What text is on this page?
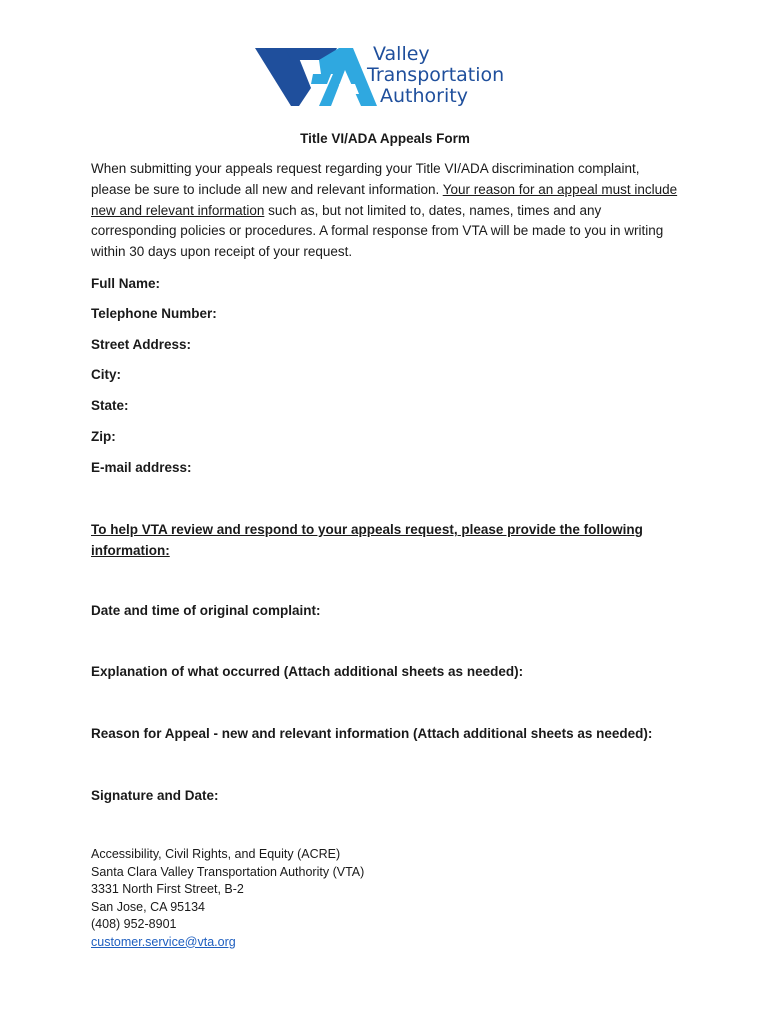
Valley
Transportation
Authority
Title VI/ADA Appeals Form
When submitting your appeals request regarding your Title VI/ADA discrimination complaint, please be sure to include all new and relevant information. Your reason for an appeal must include new and relevant information such as, but not limited to, dates, names, times and any corresponding policies or procedures. A formal response from VTA will be made to you in writing within 30 days upon receipt of your request.
Full Name:
Telephone Number:
Street Address:
City:
State:
Zip:
E-mail address:
To help VTA review and respond to your appeals request, please provide the following information:
Date and time of original complaint:
Explanation of what occurred (Attach additional sheets as needed):
Reason for Appeal - new and relevant information (Attach additional sheets as needed):
Signature and Date:
Accessibility, Civil Rights, and Equity (ACRE)
Santa Clara Valley Transportation Authority (VTA)
3331 North First Street, B-2
San Jose, CA 95134
(408) 952-8901
customer.service@vta.org
